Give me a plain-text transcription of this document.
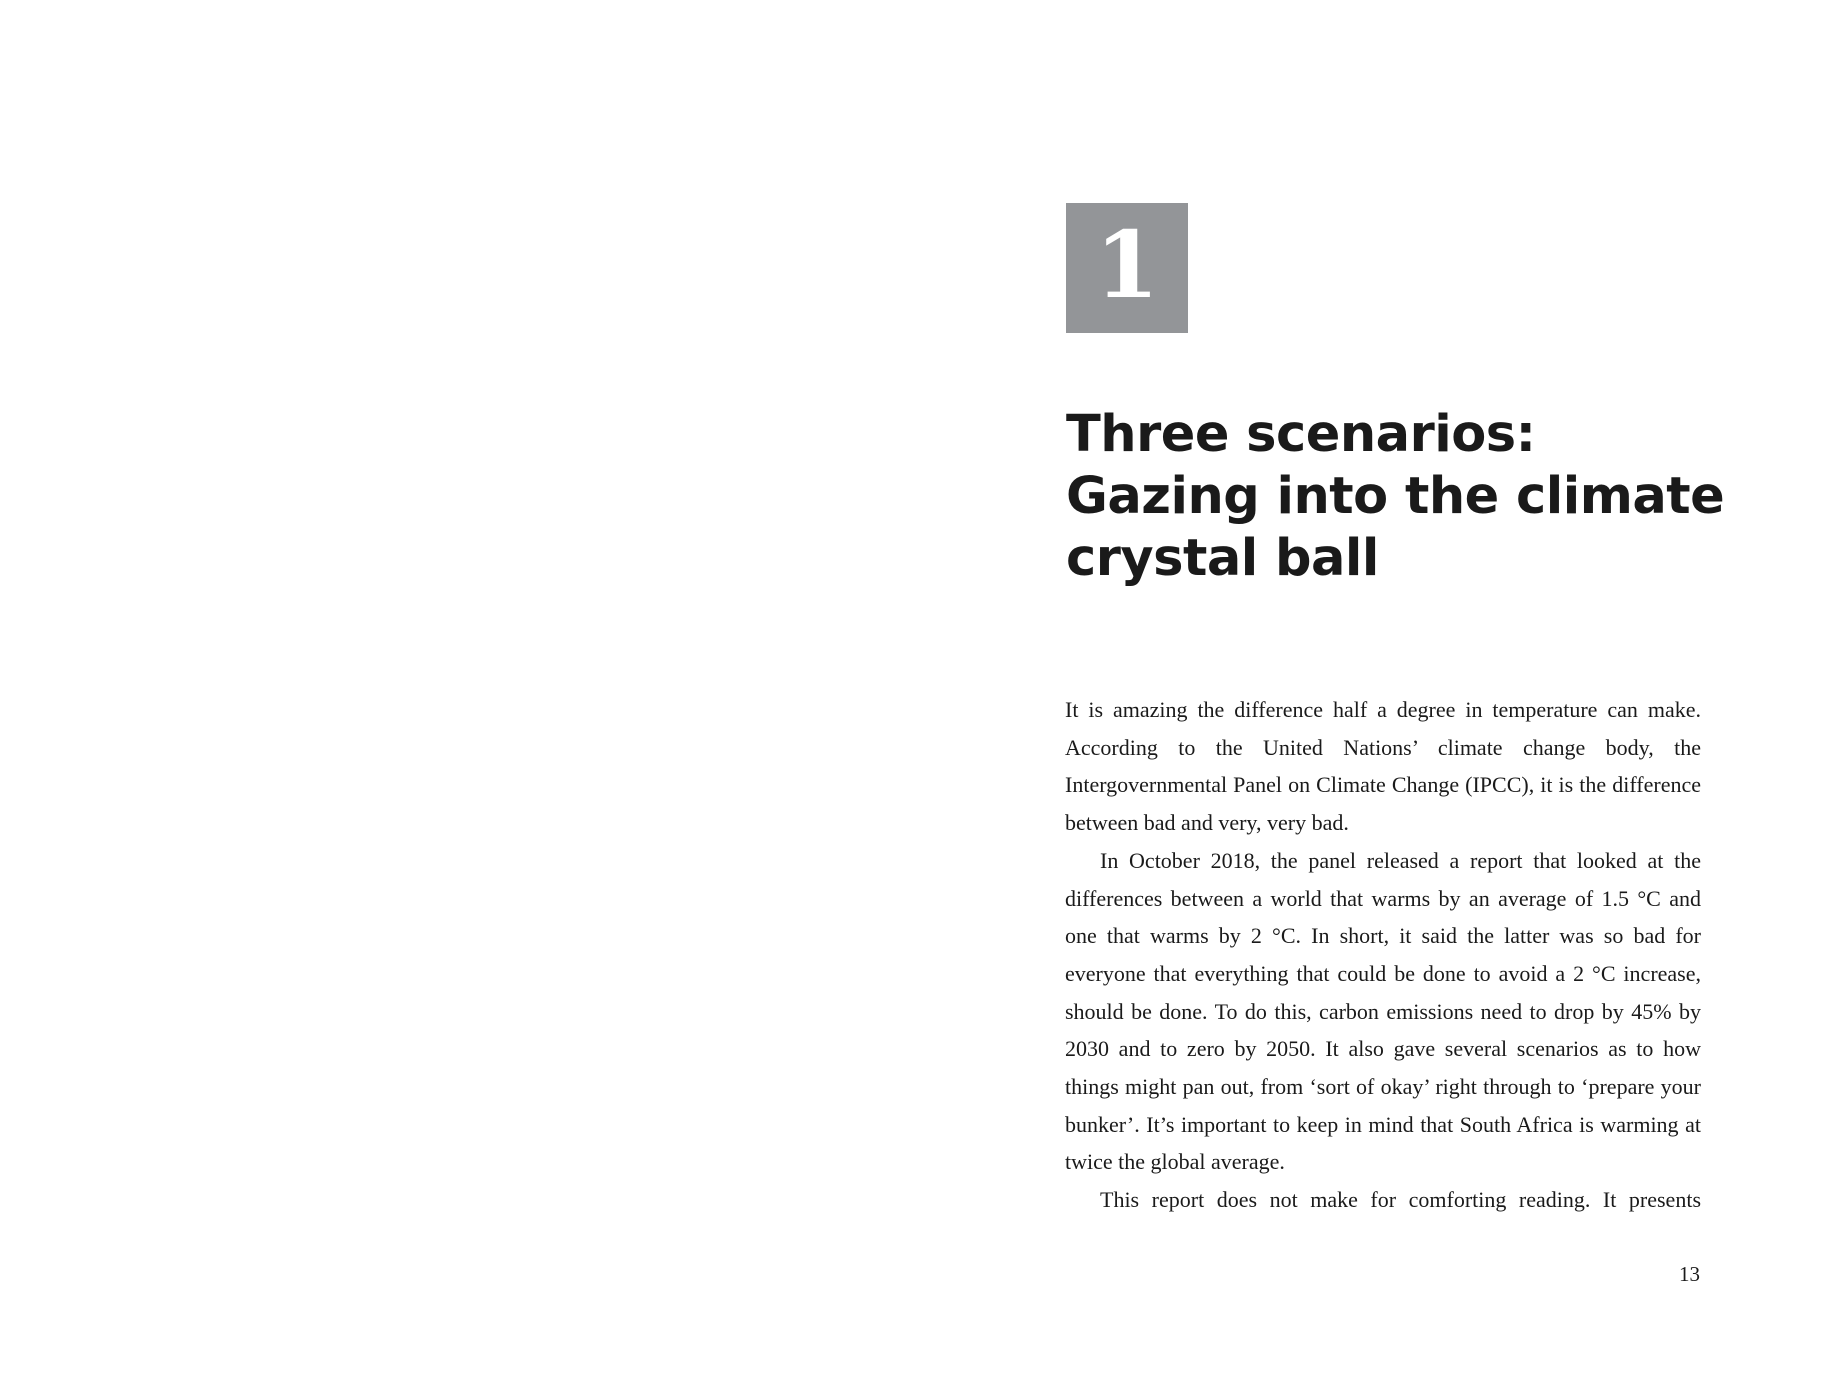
1
Three scenarios:
Gazing into the climate
crystal ball

It is amazing the difference half a degree in temperature can make. According to the United Nations’ climate change body, the Intergovernmental Panel on Climate Change (IPCC), it is the difference between bad and very, very bad.

In October 2018, the panel released a report that looked at the differences between a world that warms by an average of 1.5 °C and one that warms by 2 °C. In short, it said the latter was so bad for everyone that everything that could be done to avoid a 2 °C increase, should be done. To do this, carbon emissions need to drop by 45% by 2030 and to zero by 2050. It also gave several scenarios as to how things might pan out, from ‘sort of okay’ right through to ‘prepare your bunker’. It’s important to keep in mind that South Africa is warming at twice the global average.

This report does not make for comforting reading. It presents

13
